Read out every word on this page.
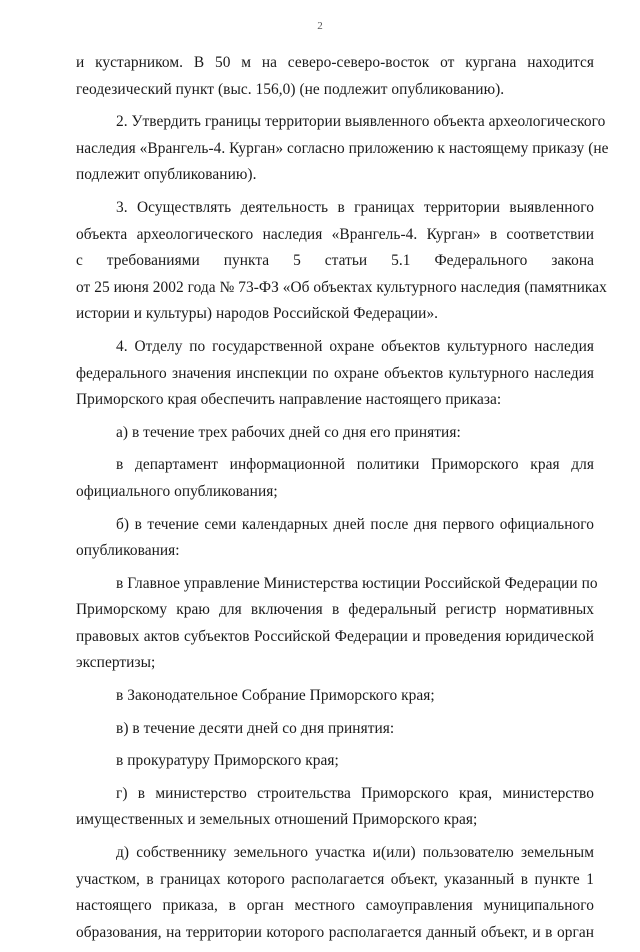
2
и кустарником. В 50 м на северо-северо-восток от кургана находится
геодезический пункт (выс. 156,0) (не подлежит опубликованию).
2. Утвердить границы территории выявленного объекта археологического
наследия «Врангель-4. Курган» согласно приложению к настоящему приказу (не
подлежит опубликованию).
3. Осуществлять деятельность в границах территории выявленного
объекта археологического наследия «Врангель-4. Курган» в соответствии
с требованиями пункта 5 статьи 5.1 Федерального закона
от 25 июня 2002 года № 73-ФЗ «Об объектах культурного наследия (памятниках
истории и культуры) народов Российской Федерации».
4. Отделу по государственной охране объектов культурного наследия
федерального значения инспекции по охране объектов культурного наследия
Приморского края обеспечить направление настоящего приказа:
а) в течение трех рабочих дней со дня его принятия:
в департамент информационной политики Приморского края для
официального опубликования;
б) в течение семи календарных дней после дня первого официального
опубликования:
в Главное управление Министерства юстиции Российской Федерации по
Приморскому краю для включения в федеральный регистр нормативных
правовых актов субъектов Российской Федерации и проведения юридической
экспертизы;
в Законодательное Собрание Приморского края;
в) в течение десяти дней со дня принятия:
в прокуратуру Приморского края;
г) в министерство строительства Приморского края, министерство
имущественных и земельных отношений Приморского края;
д) собственнику земельного участка и(или) пользователю земельным
участком, в границах которого располагается объект, указанный в пункте 1
настоящего приказа, в орган местного самоуправления муниципального
образования, на территории которого располагается данный объект, и в орган
